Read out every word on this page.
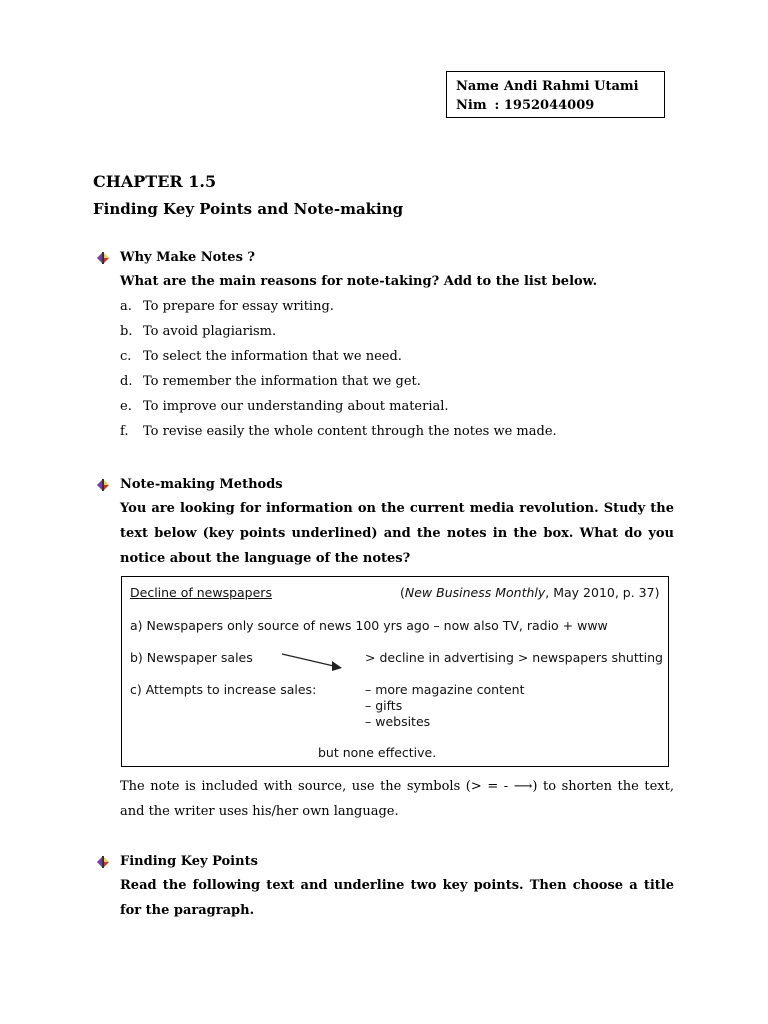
Name : Andi Rahmi Utami
Nim : 1952044009
CHAPTER 1.5
Finding Key Points and Note-making
Why Make Notes ?
What are the main reasons for note-taking? Add to the list below.
a. To prepare for essay writing.
b. To avoid plagiarism.
c. To select the information that we need.
d. To remember the information that we get.
e. To improve our understanding about material.
f. To revise easily the whole content through the notes we made.
Note-making Methods
You are looking for information on the current media revolution. Study the text below (key points underlined) and the notes in the box. What do you notice about the language of the notes?
Decline of newspapers	(New Business Monthly, May 2010, p. 37)
a) Newspapers only source of news 100 yrs ago – now also TV, radio + www
b) Newspaper sales	> decline in advertising > newspapers shutting
c) Attempts to increase sales:	– more magazine content
– gifts
– websites
but none effective.
The note is included with source, use the symbols (> = - ⟶) to shorten the text, and the writer uses his/her own language.
Finding Key Points
Read the following text and underline two key points. Then choose a title for the paragraph.
